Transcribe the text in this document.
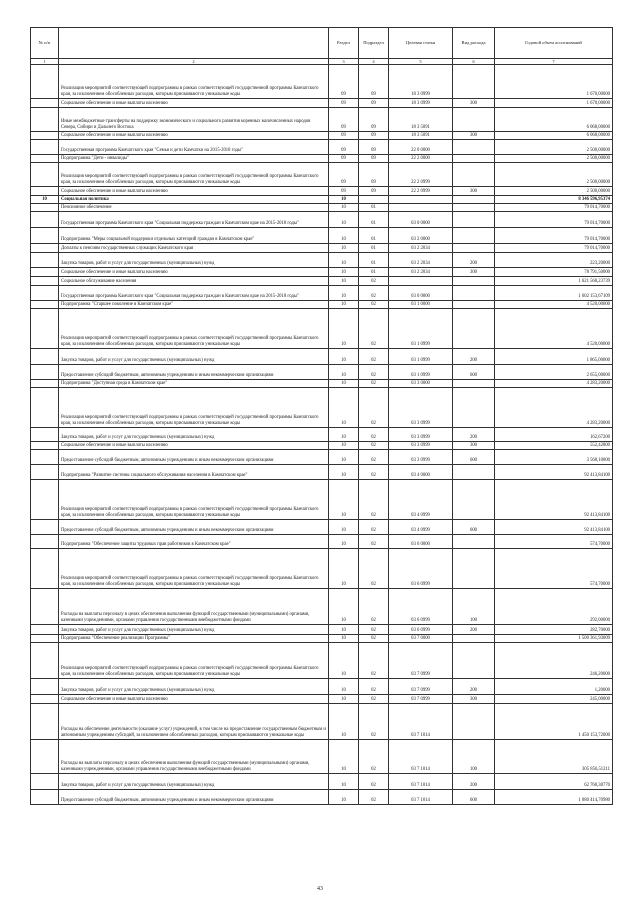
№ п/п		Раздел	Подраздел	Целевая статья	Вид расхода	Годовой объем ассигнований
1	2	3	4	5	6	7
	Реализация мероприятий соответствующей подпрограммы в рамках соответствующей государственной программы Камчатского края, за исключением обособленных расходов, которым присваиваются уникальные коды	09	09	18 3 0999		1 670,00000
	Социальное обеспечение и иные выплаты населению	09	09	18 3 0999	300	1 670,00000
	Иные межбюджетные трансферты на поддержку экономического и социального развития коренных малочисленных народов Севера, Сибири и Дальнего Востока	09	09	18 3 5091		6 068,00000
	Социальное обеспечение и иные выплаты населению	09	09	18 3 5091	300	6 068,00000
	Государственная программа Камчатского края "Семья и дети Камчатки на 2015-2018 годы"	09	09	22 0 0000		2 500,00000
	Подпрограмма "Дети - инвалиды"	09	09	22 2 0000		2 500,00000
	Реализация мероприятий соответствующей подпрограммы в рамках соответствующей государственной программы Камчатского края, за исключением обособленных расходов, которым присваиваются уникальные коды	09	09	22 2 0999		2 500,00000
	Социальное обеспечение и иные выплаты населению	09	09	22 2 0999	300	2 500,00000
10	Социальная политика	10				8 346 596,95374
	Пенсионное обеспечение	10	01			79 014,70000
	Государственная программа Камчатского края "Социальная поддержка граждан в Камчатском крае на 2015-2018 годы"	10	01	03 0 0000		79 014,70000
	Подпрограмма "Меры социальной поддержки отдельных категорий граждан в Камчатском крае"	10	01	03 2 0000		79 014,70000
	Доплаты к пенсиям государственных служащих Камчатского края	10	01	03 2 2034		79 014,70000
	Закупка товаров, работ и услуг для государственных (муниципальных) нужд	10	01	03 2 2034	200	223,20000
	Социальное обеспечение и иные выплаты населению	10	01	03 2 2034	300	78 791,50000
	Социальное обслуживание населения	10	02			1 621 568,23739
	Государственная программа Камчатского края "Социальная поддержка граждан в Камчатском крае на 2015-2018 годы"	10	02	03 0 0000		1 602 153,67109
	Подпрограмма "Старшее поколение в Камчатском крае"	10	02	03 1 0000		4 520,00000
	Реализация мероприятий соответствующей подпрограммы в рамках соответствующей государственной программы Камчатского края, за исключением обособленных расходов, которым присваиваются уникальные коды	10	02	03 1 0999		4 520,00000
	Закупка товаров, работ и услуг для государственных (муниципальных) нужд	10	02	03 1 0999	200	1 865,00000
	Предоставление субсидий бюджетным, автономным учреждениям и иным некоммерческим организациям	10	02	03 1 0999	600	2 655,00000
	Подпрограмма "Доступная среда в Камчатском крае"	10	02	03 3 0000		4 283,20000
	Реализация мероприятий соответствующей подпрограммы в рамках соответствующей государственной программы Камчатского края, за исключением обособленных расходов, которым присваиваются уникальные коды	10	02	03 3 0999		4 283,20000
	Закупка товаров, работ и услуг для государственных (муниципальных) нужд	10	02	03 3 0999	200	162,67200
	Социальное обеспечение и иные выплаты населению	10	02	03 3 0999	300	552,42800
	Предоставление субсидий бюджетным, автономным учреждениям и иным некоммерческим организациям	10	02	03 3 0999	600	3 568,10000
	Подпрограмма "Развитие системы социального обслуживания населения в Камчатском крае"	10	02	03 4 0000		92 413,84100
	Реализация мероприятий соответствующей подпрограммы в рамках соответствующей государственной программы Камчатского края, за исключением обособленных расходов, которым присваиваются уникальные коды	10	02	03 4 0999		92 413,84100
	Предоставление субсидий бюджетным, автономным учреждениям и иным некоммерческим организациям	10	02	03 4 0999	600	92 413,84100
	Подпрограмма "Обеспечение защиты трудовых прав работников в Камчатском крае"	10	02	03 6 0000		574,70000
	Реализация мероприятий соответствующей подпрограммы в рамках соответствующей государственной программы Камчатского края, за исключением обособленных расходов, которым присваиваются уникальные коды	10	02	03 6 0999		574,70000
	Расходы на выплаты персоналу в целях обеспечения выполнения функций государственными (муниципальными) органами, казенными учреждениями, органами управления государственными внебюджетными фондами	10	02	03 6 0999	100	292,00000
	Закупка товаров, работ и услуг для государственных (муниципальных) нужд	10	02	03 6 0999	200	282,70000
	Подпрограмма "Обеспечение реализации Программы"	10	02	03 7 0000		1 500 361,93009
	Реализация мероприятий соответствующей подпрограммы в рамках соответствующей государственной программы Камчатского края, за исключением обособленных расходов, которым присваиваются уникальные коды	10	02	03 7 0999		246,20000
	Закупка товаров, работ и услуг для государственных (муниципальных) нужд	10	02	03 7 0999	200	1,20000
	Социальное обеспечение и иные выплаты населению	10	02	03 7 0999	300	245,00000
	Расходы на обеспечение деятельности (оказание услуг) учреждений, в том числе на предоставление государственным бюджетным и автономным учреждениям субсидий, за исключением обособленных расходов, которым присваиваются уникальные коды	10	02	03 7 1014		1 450 153,72000
	Расходы на выплаты персоналу в целях обеспечения выполнения функций государственными (муниципальными) органами, казенными учреждениями, органами управления государственными внебюджетными фондами	10	02	03 7 1014	100	305 856,51211
	Закупка товаров, работ и услуг для государственных (муниципальных) нужд	10	02	03 7 1014	200	62 760,30770
	Предоставление субсидий бюджетным, автономным учреждениям и иным некоммерческим организациям	10	02	03 7 1014	600	1 080 414,70980
43
